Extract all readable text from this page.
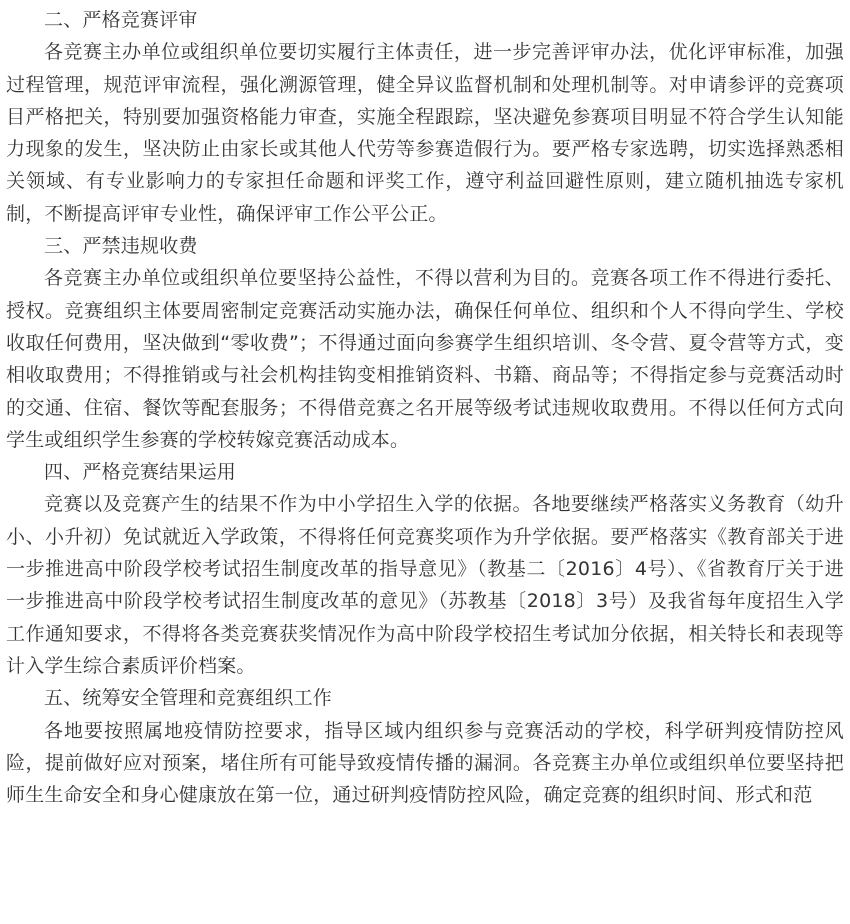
二、严格竞赛评审

各竞赛主办单位或组织单位要切实履行主体责任，进一步完善评审办法，优化评审标准，加强过程管理，规范评审流程，强化溯源管理，健全异议监督机制和处理机制等。对申请参评的竞赛项目严格把关，特别要加强资格能力审查，实施全程跟踪，坚决避免参赛项目明显不符合学生认知能力现象的发生，坚决防止由家长或其他人代劳等参赛造假行为。要严格专家选聘，切实选择熟悉相关领域、有专业影响力的专家担任命题和评奖工作，遵守利益回避性原则，建立随机抽选专家机制，不断提高评审专业性，确保评审工作公平公正。

三、严禁违规收费

各竞赛主办单位或组织单位要坚持公益性，不得以营利为目的。竞赛各项工作不得进行委托、授权。竞赛组织主体要周密制定竞赛活动实施办法，确保任何单位、组织和个人不得向学生、学校收取任何费用，坚决做到“零收费”；不得通过面向参赛学生组织培训、冬令营、夏令营等方式，变相收取费用；不得推销或与社会机构挂钩变相推销资料、书籍、商品等；不得指定参与竞赛活动时的交通、住宿、餐饮等配套服务；不得借竞赛之名开展等级考试违规收取费用。不得以任何方式向学生或组织学生参赛的学校转嫁竞赛活动成本。

四、严格竞赛结果运用

竞赛以及竞赛产生的结果不作为中小学招生入学的依据。各地要继续严格落实义务教育（幼升小、小升初）免试就近入学政策，不得将任何竞赛奖项作为升学依据。要严格落实《教育部关于进一步推进高中阶段学校考试招生制度改革的指导意见》（教基二〔2016〕4号）、《省教育厅关于进一步推进高中阶段学校考试招生制度改革的意见》（苏教基〔2018〕3号）及我省每年度招生入学工作通知要求，不得将各类竞赛获奖情况作为高中阶段学校招生考试加分依据，相关特长和表现等计入学生综合素质评价档案。

五、统筹安全管理和竞赛组织工作

各地要按照属地疫情防控要求，指导区域内组织参与竞赛活动的学校，科学研判疫情防控风险，提前做好应对预案，堵住所有可能导致疫情传播的漏洞。各竞赛主办单位或组织单位要坚持把师生生命安全和身心健康放在第一位，通过研判疫情防控风险，确定竞赛的组织时间、形式和范
